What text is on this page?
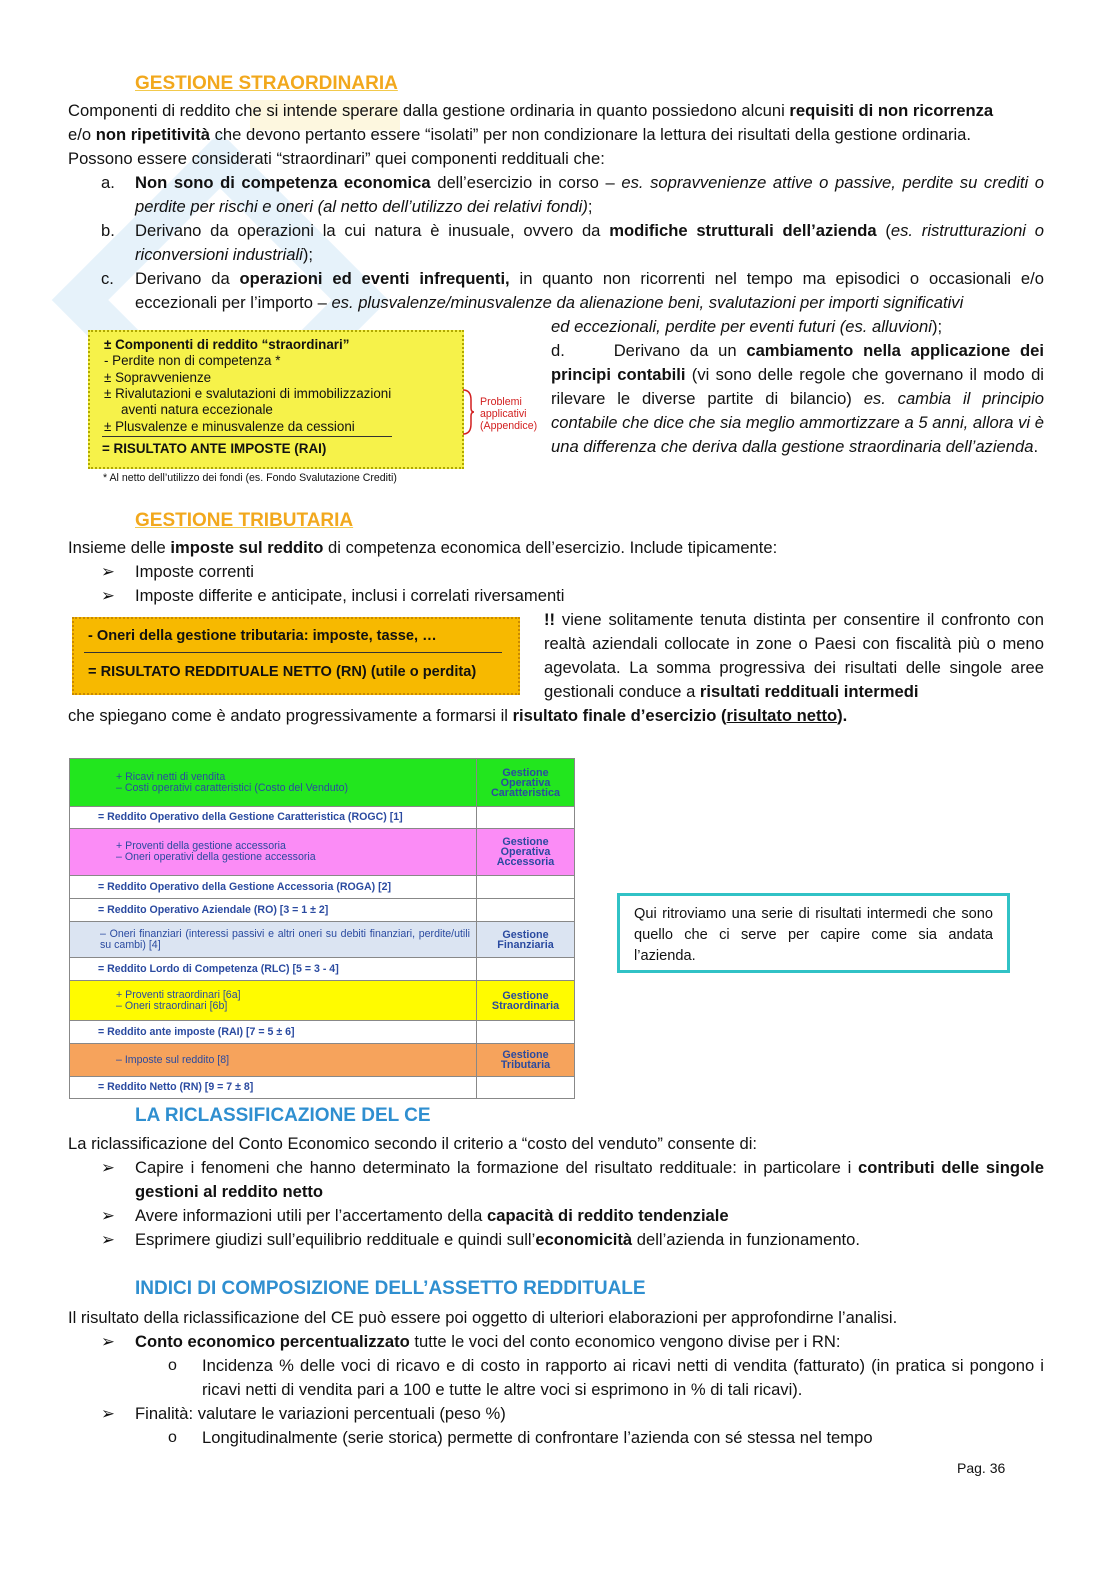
GESTIONE STRAORDINARIA
Componenti di reddito che si intende sperare dalla gestione ordinaria in quanto possiedono alcuni requisiti di non ricorrenza
e/o non ripetitività che devono pertanto essere “isolati” per non condizionare la lettura dei risultati della gestione ordinaria.
Possono essere considerati “straordinari” quei componenti reddituali che:
a. Non sono di competenza economica dell’esercizio in corso – es. sopravvenienze attive o passive, perdite su crediti o perdite per rischi e oneri (al netto dell’utilizzo dei relativi fondi);
b. Derivano da operazioni la cui natura è inusuale, ovvero da modifiche strutturali dell’azienda (es. ristrutturazioni o riconversioni industriali);
c. Derivano da operazioni ed eventi infrequenti, in quanto non ricorrenti nel tempo ma episodici o occasionali e/o eccezionali per l’importo – es. plusvalenze/minusvalenze da alienazione beni, svalutazioni per importi significativi
ed eccezionali, perdite per eventi futuri (es. alluvioni);
d.	Derivano da un cambiamento nella applicazione dei principi contabili (vi sono delle regole che governano il modo di rilevare le diverse partite di bilancio) es. cambia il principio contabile che dice che sia meglio ammortizzare a 5 anni, allora vi è una differenza che deriva dalla gestione straordinaria dell’azienda.
± Componenti di reddito “straordinari”
- Perdite non di competenza *
± Sopravvenienze
± Rivalutazioni e svalutazioni di immobilizzazioni
aventi natura eccezionale
± Plusvalenze e minusvalenze da cessioni
= RISULTATO ANTE IMPOSTE (RAI)
* Al netto dell’utilizzo dei fondi (es. Fondo Svalutazione Crediti)
Problemi
applicativi
(Appendice)
GESTIONE TRIBUTARIA
Insieme delle imposte sul reddito di competenza economica dell’esercizio. Include tipicamente:
➢ Imposte correnti
➢ Imposte differite e anticipate, inclusi i correlati riversamenti
- Oneri della gestione tributaria: imposte, tasse, …
= RISULTATO REDDITUALE NETTO (RN) (utile o perdita)
!! viene solitamente tenuta distinta per consentire il confronto con realtà aziendali collocate in zone o Paesi con fiscalità più o meno agevolata. La somma progressiva dei risultati delle singole aree gestionali conduce a risultati reddituali intermedi
che spiegano come è andato progressivamente a formarsi il risultato finale d’esercizio (risultato netto).
+ Ricavi netti di vendita
– Costi operativi caratteristici (Costo del Venduto)	Gestione Operativa
Caratteristica
= Reddito Operativo della Gestione Caratteristica (ROGC) [1]	
+ Proventi della gestione accessoria
– Oneri operativi della gestione accessoria	Gestione Operativa
Accessoria
= Reddito Operativo della Gestione Accessoria (ROGA) [2]	
= Reddito Operativo Aziendale (RO) [3 = 1 ± 2]	
– Oneri finanziari (interessi passivi e altri oneri su debiti finanziari, perdite/utili su cambi) [4]	Gestione Finanziaria
= Reddito Lordo di Competenza (RLC) [5 = 3 - 4]	
+ Proventi straordinari [6a]
– Oneri straordinari [6b]	Gestione
Straordinaria
= Reddito ante imposte (RAI) [7 = 5 ± 6]	
– Imposte sul reddito [8]	Gestione
Tributaria
= Reddito Netto (RN) [9 = 7 ± 8]	
Qui ritroviamo una serie di risultati intermedi che sono quello che ci serve per capire come sia andata l’azienda.
LA RICLASSIFICAZIONE DEL CE
La riclassificazione del Conto Economico secondo il criterio a “costo del venduto” consente di:
➢ Capire i fenomeni che hanno determinato la formazione del risultato reddituale: in particolare i contributi delle singole gestioni al reddito netto
➢ Avere informazioni utili per l’accertamento della capacità di reddito tendenziale
➢ Esprimere giudizi sull’equilibrio reddituale e quindi sull’economicità dell’azienda in funzionamento.
INDICI DI COMPOSIZIONE DELL’ASSETTO REDDITUALE
Il risultato della riclassificazione del CE può essere poi oggetto di ulteriori elaborazioni per approfondirne l’analisi.
➢ Conto economico percentualizzato tutte le voci del conto economico vengono divise per i RN:
o Incidenza % delle voci di ricavo e di costo in rapporto ai ricavi netti di vendita (fatturato) (in pratica si pongono i ricavi netti di vendita pari a 100 e tutte le altre voci si esprimono in % di tali ricavi).
➢ Finalità: valutare le variazioni percentuali (peso %)
o Longitudinalmente (serie storica) permette di confrontare l’azienda con sé stessa nel tempo
Pag. 36
